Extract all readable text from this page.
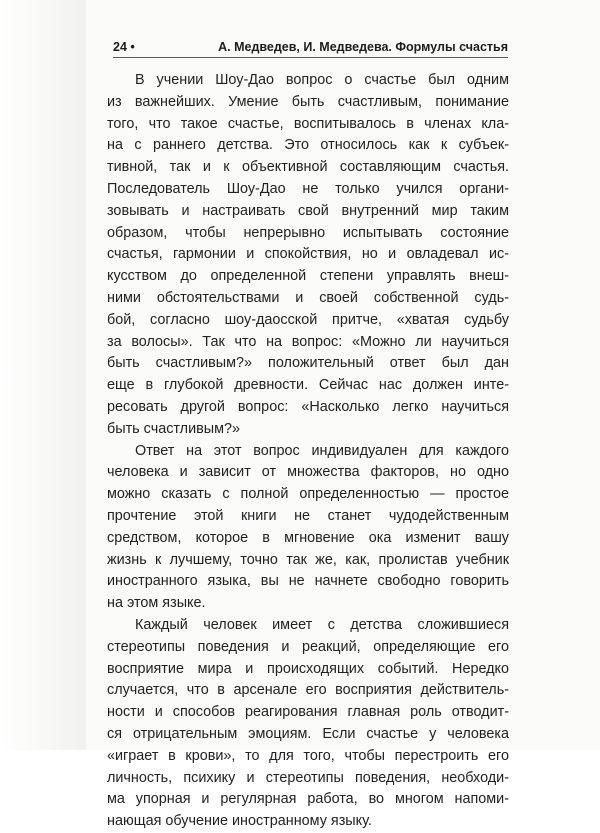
24 •	А. Медведев, И. Медведева. Формулы счастья

В учении Шоу-Дао вопрос о счастье был одним
из важнейших. Умение быть счастливым, понимание
того, что такое счастье, воспитывалось в членах кла-
на с раннего детства. Это относилось как к субъек-
тивной, так и к объективной составляющим счастья.
Последователь Шоу-Дао не только учился органи-
зовывать и настраивать свой внутренний мир таким
образом, чтобы непрерывно испытывать состояние
счастья, гармонии и спокойствия, но и овладевал ис-
кусством до определенной степени управлять внеш-
ними обстоятельствами и своей собственной судь-
бой, согласно шоу-даосской притче, «хватая судьбу
за волосы». Так что на вопрос: «Можно ли научиться
быть счастливым?» положительный ответ был дан
еще в глубокой древности. Сейчас нас должен инте-
ресовать другой вопрос: «Насколько легко научиться
быть счастливым?»

Ответ на этот вопрос индивидуален для каждого
человека и зависит от множества факторов, но одно
можно сказать с полной определенностью — простое
прочтение этой книги не станет чудодейственным
средством, которое в мгновение ока изменит вашу
жизнь к лучшему, точно так же, как, пролистав учебник
иностранного языка, вы не начнете свободно говорить
на этом языке.

Каждый человек имеет с детства сложившиеся
стереотипы поведения и реакций, определяющие его
восприятие мира и происходящих событий. Нередко
случается, что в арсенале его восприятия действитель-
ности и способов реагирования главная роль отводит-
ся отрицательным эмоциям. Если счастье у человека
«играет в крови», то для того, чтобы перестроить его
личность, психику и стереотипы поведения, необходи-
ма упорная и регулярная работа, во многом напоми-
нающая обучение иностранному языку.
